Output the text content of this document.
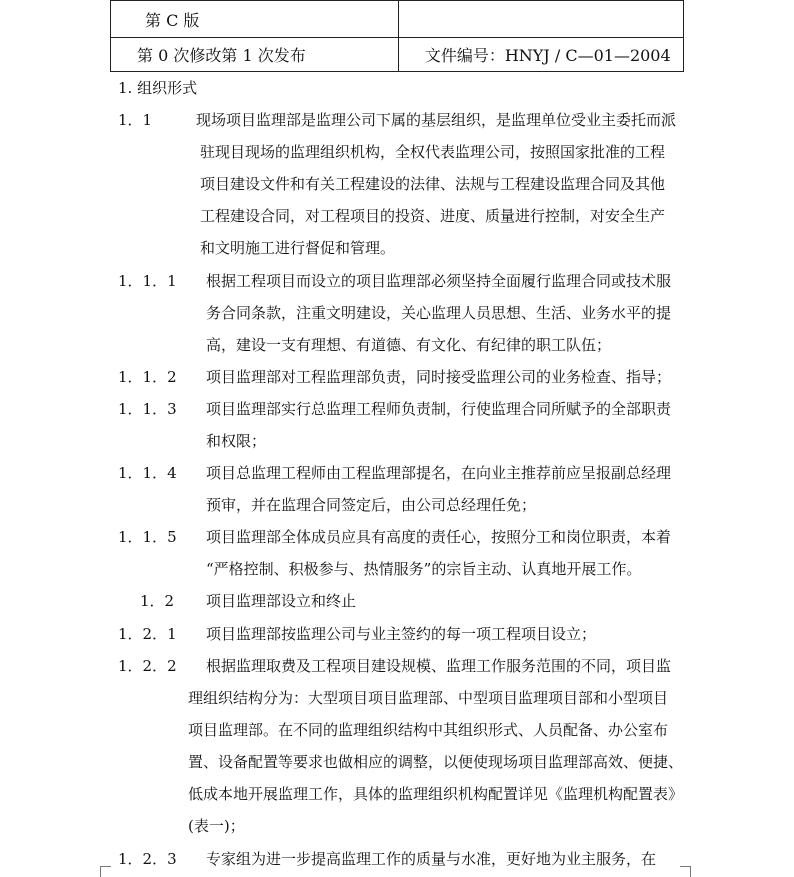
第 C 版	
第 0 次修改第 1 次发布	文件编号：HNYJ / C—01—2004
1. 组织形式
1．1	现场项目监理部是监理公司下属的基层组织，是监理单位受业主委托而派
驻现目现场的监理组织机构，全权代表监理公司，按照国家批准的工程
项目建设文件和有关工程建设的法律、法规与工程建设监理合同及其他
工程建设合同，对工程项目的投资、进度、质量进行控制，对安全生产
和文明施工进行督促和管理。
1．1．1 根据工程项目而设立的项目监理部必须坚持全面履行监理合同或技术服
务合同条款，注重文明建设，关心监理人员思想、生活、业务水平的提
高，建设一支有理想、有道德、有文化、有纪律的职工队伍；
1．1．2 项目监理部对工程监理部负责，同时接受监理公司的业务检查、指导；
1．1．3 项目监理部实行总监理工程师负责制，行使监理合同所赋予的全部职责
和权限；
1．1．4 项目总监理工程师由工程监理部提名，在向业主推荐前应呈报副总经理
预审，并在监理合同签定后，由公司总经理任免；
1．1．5 项目监理部全体成员应具有高度的责任心，按照分工和岗位职责，本着
“严格控制、积极参与、热情服务”的宗旨主动、认真地开展工作。
1．2 项目监理部设立和终止
1．2．1 项目监理部按监理公司与业主签约的每一项工程项目设立；
1．2．2 根据监理取费及工程项目建设规模、监理工作服务范围的不同，项目监
理组织结构分为：大型项目项目监理部、中型项目监理项目部和小型项目
项目监理部。在不同的监理组织结构中其组织形式、人员配备、办公室布
置、设备配置等要求也做相应的调整，以便使现场项目监理部高效、便捷、
低成本地开展监理工作，具体的监理组织机构配置详见《监理机构配置表》
(表一)；
1．2．3 专家组为进一步提高监理工作的质量与水准，更好地为业主服务，在
